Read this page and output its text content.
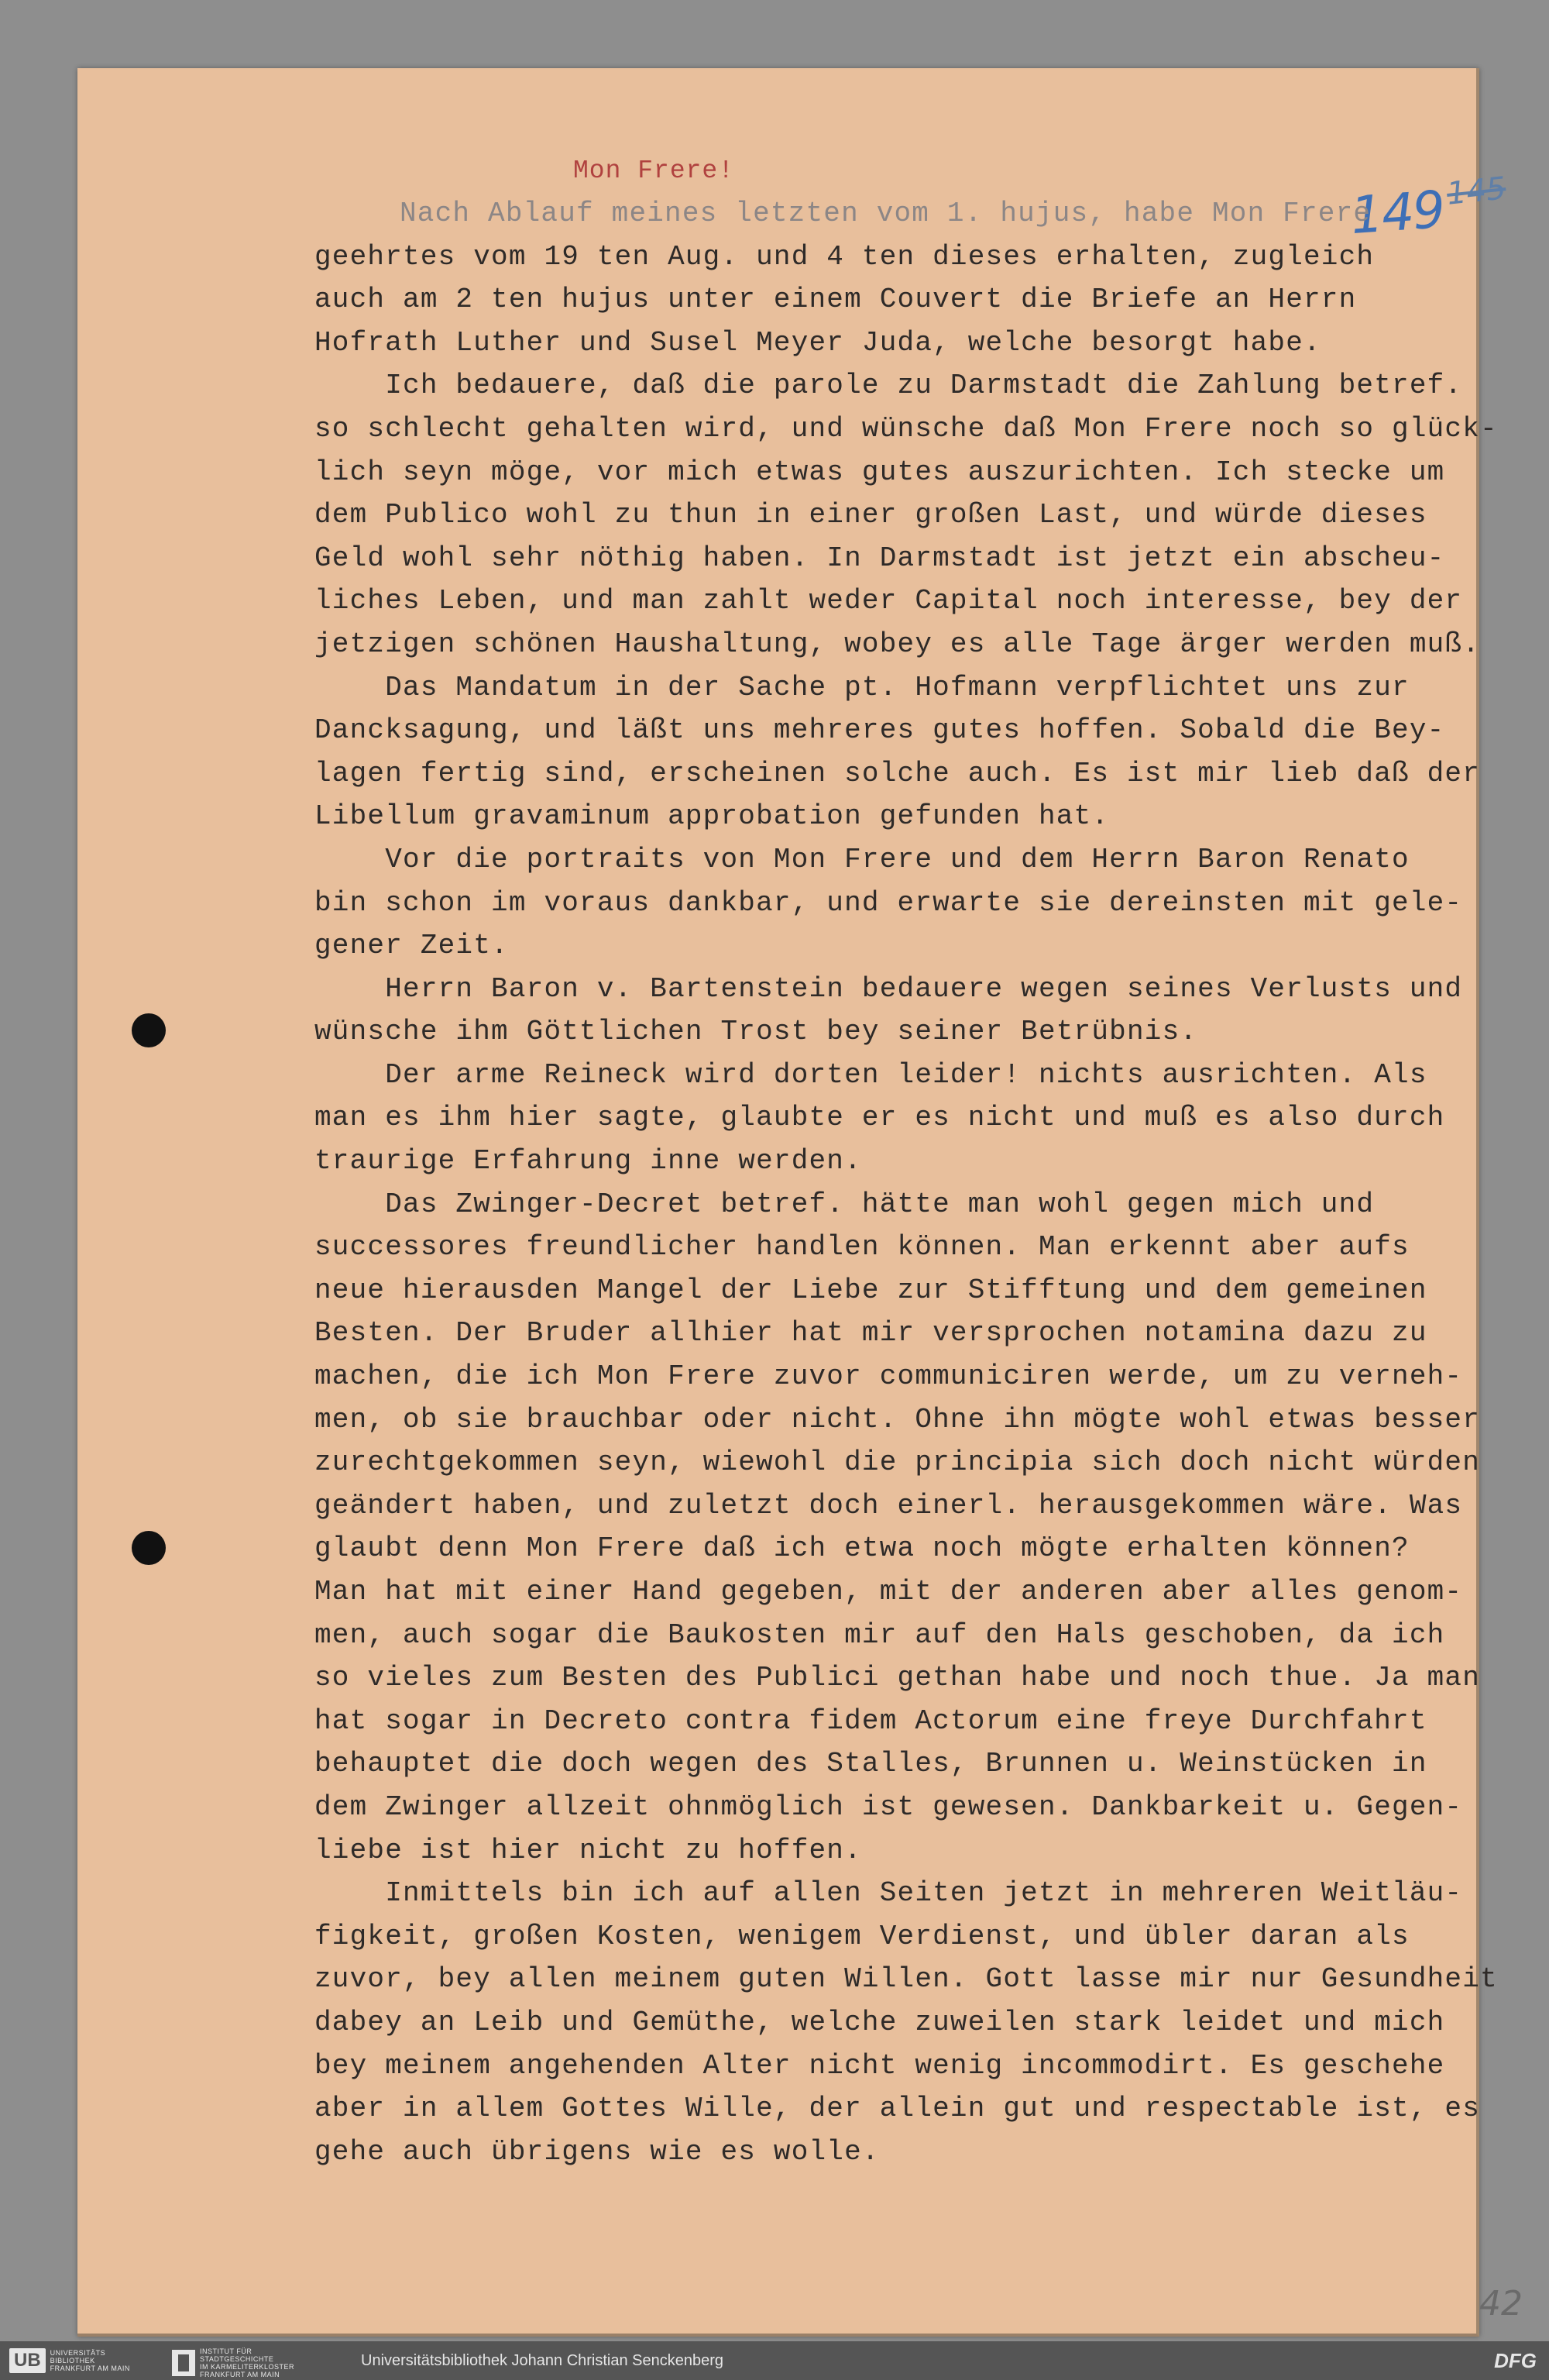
145
149
42
Mon Frere!
Nach Ablauf meines letzten vom 1. hujus, habe Mon Frere
geehrtes vom 19 ten Aug. und 4 ten dieses erhalten, zugleich
auch am 2 ten hujus unter einem Couvert die Briefe an Herrn
Hofrath Luther und Susel Meyer Juda, welche besorgt habe.
Ich bedauere, daß die parole zu Darmstadt die Zahlung betref.
so schlecht gehalten wird, und wünsche daß Mon Frere noch so glück-
lich seyn möge, vor mich etwas gutes auszurichten. Ich stecke um
dem Publico wohl zu thun in einer großen Last, und würde dieses
Geld wohl sehr nöthig haben. In Darmstadt ist jetzt ein abscheu-
liches Leben, und man zahlt weder Capital noch interesse, bey der
jetzigen schönen Haushaltung, wobey es alle Tage ärger werden muß.
Das Mandatum in der Sache pt. Hofmann verpflichtet uns zur
Dancksagung, und läßt uns mehreres gutes hoffen. Sobald die Bey-
lagen fertig sind, erscheinen solche auch. Es ist mir lieb daß der
Libellum gravaminum approbation gefunden hat.
Vor die portraits von Mon Frere und dem Herrn Baron Renato
bin schon im voraus dankbar, und erwarte sie dereinsten mit gele-
gener Zeit.
Herrn Baron v. Bartenstein bedauere wegen seines Verlusts und
wünsche ihm Göttlichen Trost bey seiner Betrübnis.
Der arme Reineck wird dorten leider! nichts ausrichten. Als
man es ihm hier sagte, glaubte er es nicht und muß es also durch
traurige Erfahrung inne werden.
Das Zwinger-Decret betref. hätte man wohl gegen mich und
successores freundlicher handlen können. Man erkennt aber aufs
neue hierausden Mangel der Liebe zur Stifftung und dem gemeinen
Besten. Der Bruder allhier hat mir versprochen notamina dazu zu
machen, die ich Mon Frere zuvor communiciren werde, um zu verneh-
men, ob sie brauchbar oder nicht. Ohne ihn mögte wohl etwas besser
zurechtgekommen seyn, wiewohl die principia sich doch nicht würden
geändert haben, und zuletzt doch einerl. herausgekommen wäre. Was
glaubt denn Mon Frere daß ich etwa noch mögte erhalten können?
Man hat mit einer Hand gegeben, mit der anderen aber alles genom-
men, auch sogar die Baukosten mir auf den Hals geschoben, da ich
so vieles zum Besten des Publici gethan habe und noch thue. Ja man
hat sogar in Decreto contra fidem Actorum eine freye Durchfahrt
behauptet die doch wegen des Stalles, Brunnen u. Weinstücken in
dem Zwinger allzeit ohnmöglich ist gewesen. Dankbarkeit u. Gegen-
liebe ist hier nicht zu hoffen.
Inmittels bin ich auf allen Seiten jetzt in mehreren Weitläu-
figkeit, großen Kosten, wenigem Verdienst, und übler daran als
zuvor, bey allen meinem guten Willen. Gott lasse mir nur Gesundheit
dabey an Leib und Gemüthe, welche zuweilen stark leidet und mich
bey meinem angehenden Alter nicht wenig incommodirt. Es geschehe
aber in allem Gottes Wille, der allein gut und respectable ist, es
gehe auch übrigens wie es wolle.
UB	UNIVERSITÄTS
BIBLIOTHEK
FRANKFURT AM MAIN
INSTITUT FÜR
STADTGESCHICHTE
IM KARMELITERKLOSTER
FRANKFURT AM MAIN
Universitätsbibliothek Johann Christian Senckenberg	DFG
